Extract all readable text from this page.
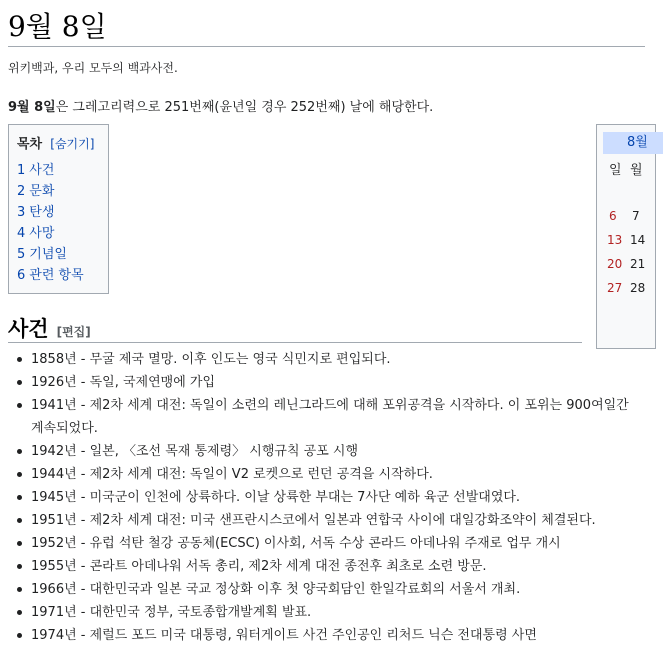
9월 8일
위키백과, 우리 모두의 백과사전.
9월 8일은 그레고리력으로 251번째(윤년일 경우 252번째) 날에 해당한다.
목차 [숨기기]
1 사건
2 문화
3 탄생
4 사망
5 기념일
6 관련 항목
8월
일 월
6	7
13 14
20 21
27 28
사건 [편집]
1858년 - 무굴 제국 멸망. 이후 인도는 영국 식민지로 편입되다.
1926년 - 독일, 국제연맹에 가입
1941년 - 제2차 세계 대전: 독일이 소련의 레닌그라드에 대해 포위공격을 시작하다. 이 포위는 900여일간 계속되었다.
1942년 - 일본, 〈조선 목재 통제령〉 시행규칙 공포 시행
1944년 - 제2차 세계 대전: 독일이 V2 로켓으로 런던 공격을 시작하다.
1945년 - 미국군이 인천에 상륙하다. 이날 상륙한 부대는 7사단 예하 육군 선발대였다.
1951년 - 제2차 세계 대전: 미국 샌프란시스코에서 일본과 연합국 사이에 대일강화조약이 체결된다.
1952년 - 유럽 석탄 철강 공동체(ECSC) 이사회, 서독 수상 콘라드 아데나워 주재로 업무 개시
1955년 - 콘라트 아데나워 서독 총리, 제2차 세계 대전 종전후 최초로 소련 방문.
1966년 - 대한민국과 일본 국교 정상화 이후 첫 양국회담인 한일각료회의 서울서 개최.
1971년 - 대한민국 정부, 국토종합개발계획 발표.
1974년 - 제럴드 포드 미국 대통령, 워터게이트 사건 주인공인 리처드 닉슨 전대통령 사면
